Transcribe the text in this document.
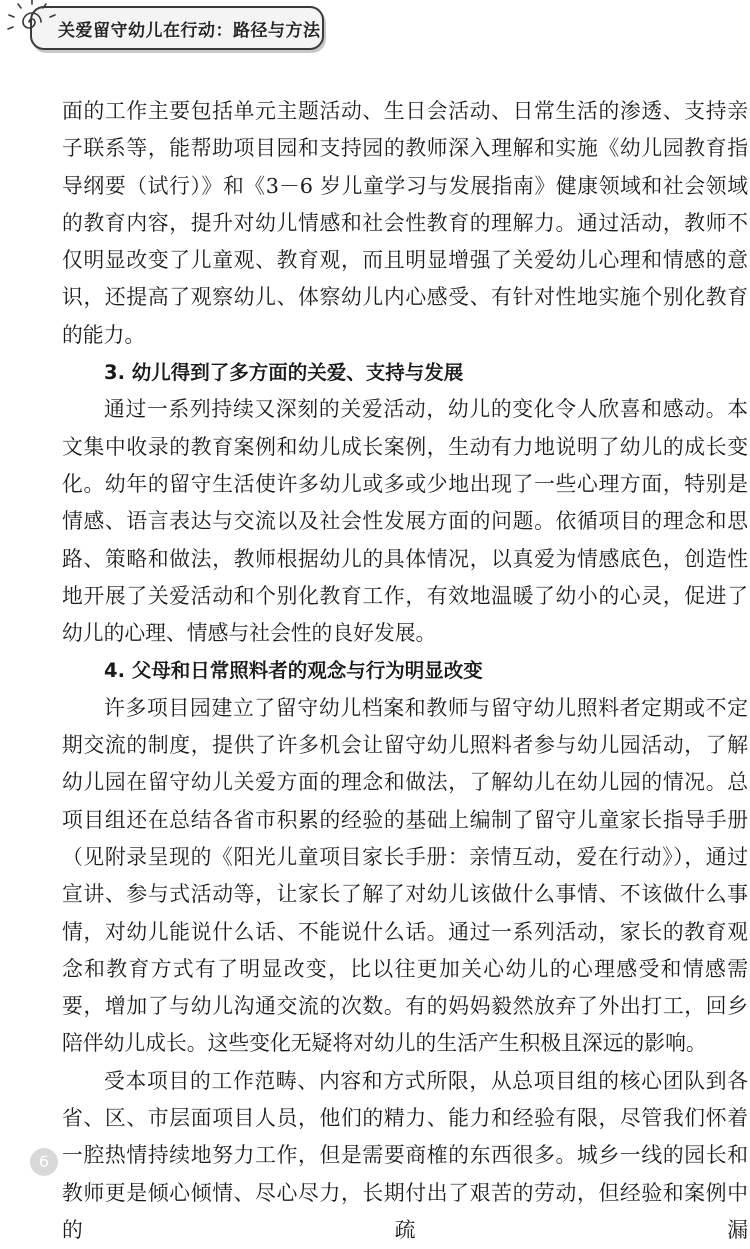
关爱留守幼儿在行动：路径与方法

面的工作主要包括单元主题活动、生日会活动、日常生活的渗透、支持亲子联系等，能帮助项目园和支持园的教师深入理解和实施《幼儿园教育指导纲要（试行）》和《3－6 岁儿童学习与发展指南》健康领域和社会领域的教育内容，提升对幼儿情感和社会性教育的理解力。通过活动，教师不仅明显改变了儿童观、教育观，而且明显增强了关爱幼儿心理和情感的意识，还提高了观察幼儿、体察幼儿内心感受、有针对性地实施个别化教育的能力。

3. 幼儿得到了多方面的关爱、支持与发展

通过一系列持续又深刻的关爱活动，幼儿的变化令人欣喜和感动。本文集中收录的教育案例和幼儿成长案例，生动有力地说明了幼儿的成长变化。幼年的留守生活使许多幼儿或多或少地出现了一些心理方面，特别是情感、语言表达与交流以及社会性发展方面的问题。依循项目的理念和思路、策略和做法，教师根据幼儿的具体情况，以真爱为情感底色，创造性地开展了关爱活动和个别化教育工作，有效地温暖了幼小的心灵，促进了幼儿的心理、情感与社会性的良好发展。

4. 父母和日常照料者的观念与行为明显改变

许多项目园建立了留守幼儿档案和教师与留守幼儿照料者定期或不定期交流的制度，提供了许多机会让留守幼儿照料者参与幼儿园活动，了解幼儿园在留守幼儿关爱方面的理念和做法，了解幼儿在幼儿园的情况。总项目组还在总结各省市积累的经验的基础上编制了留守儿童家长指导手册（见附录呈现的《阳光儿童项目家长手册：亲情互动，爱在行动》），通过宣讲、参与式活动等，让家长了解了对幼儿该做什么事情、不该做什么事情，对幼儿能说什么话、不能说什么话。通过一系列活动，家长的教育观念和教育方式有了明显改变，比以往更加关心幼儿的心理感受和情感需要，增加了与幼儿沟通交流的次数。有的妈妈毅然放弃了外出打工，回乡陪伴幼儿成长。这些变化无疑将对幼儿的生活产生积极且深远的影响。

受本项目的工作范畴、内容和方式所限，从总项目组的核心团队到各省、区、市层面项目人员，他们的精力、能力和经验有限，尽管我们怀着一腔热情持续地努力工作，但是需要商榷的东西很多。城乡一线的园长和教师更是倾心倾情、尽心尽力，长期付出了艰苦的劳动，但经验和案例中的疏漏

6
